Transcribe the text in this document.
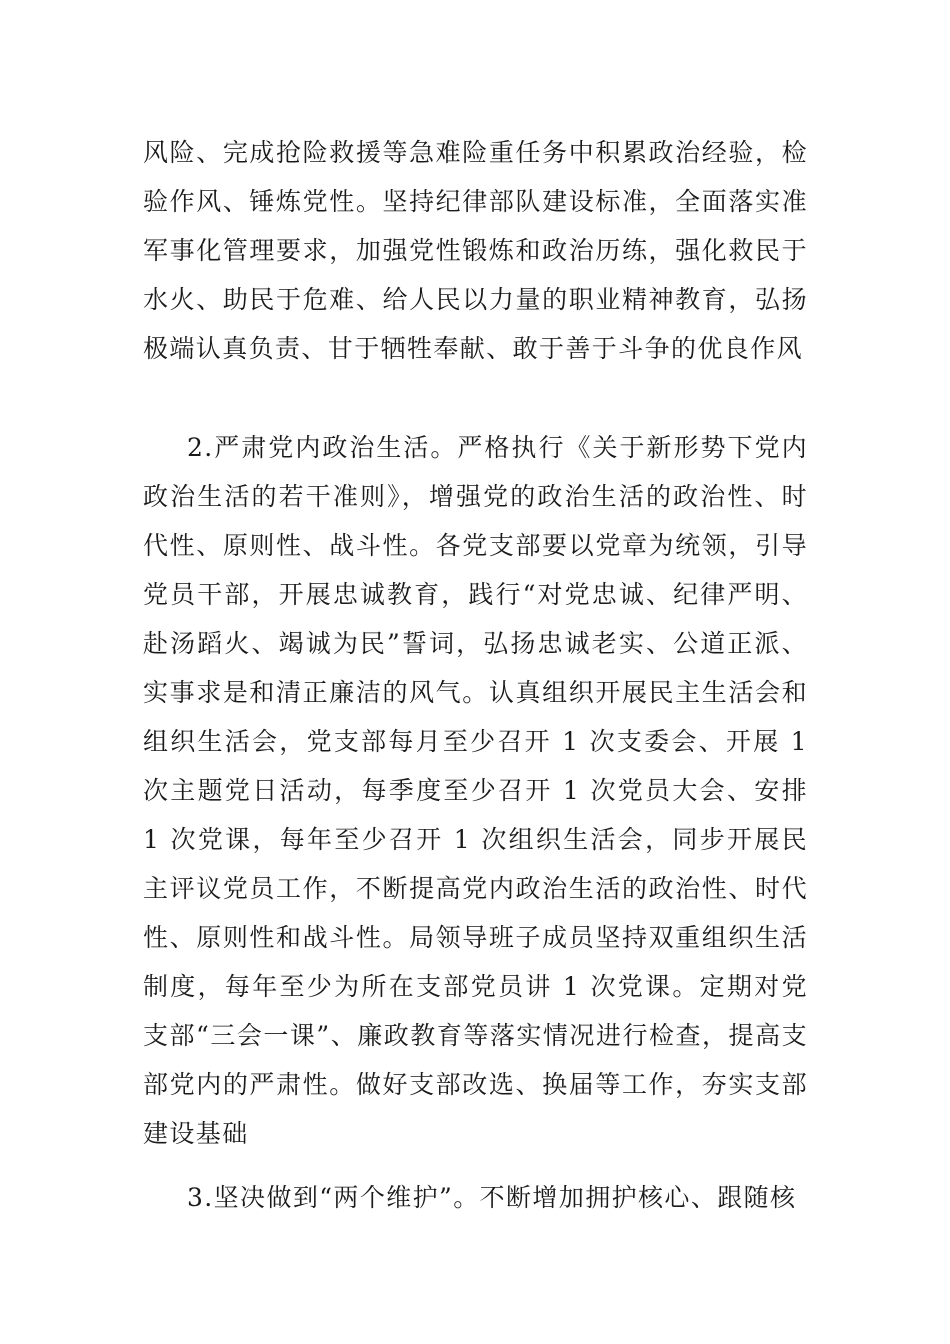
风险、完成抢险救援等急难险重任务中积累政治经验，检验作风、锤炼党性。坚持纪律部队建设标准，全面落实准军事化管理要求，加强党性锻炼和政治历练，强化救民于水火、助民于危难、给人民以力量的职业精神教育，弘扬极端认真负责、甘于牺牲奉献、敢于善于斗争的优良作风

2.严肃党内政治生活。严格执行《关于新形势下党内政治生活的若干准则》，增强党的政治生活的政治性、时代性、原则性、战斗性。各党支部要以党章为统领，引导党员干部，开展忠诚教育，践行“对党忠诚、纪律严明、赴汤蹈火、竭诚为民”誓词，弘扬忠诚老实、公道正派、实事求是和清正廉洁的风气。认真组织开展民主生活会和组织生活会，党支部每月至少召开 1 次支委会、开展 1 次主题党日活动，每季度至少召开 1 次党员大会、安排 1 次党课，每年至少召开 1 次组织生活会，同步开展民主评议党员工作，不断提高党内政治生活的政治性、时代性、原则性和战斗性。局领导班子成员坚持双重组织生活制度，每年至少为所在支部党员讲 1 次党课。定期对党支部“三会一课”、廉政教育等落实情况进行检查，提高支部党内的严肃性。做好支部改选、换届等工作，夯实支部建设基础

3.坚决做到“两个维护”。不断增加拥护核心、跟随核
